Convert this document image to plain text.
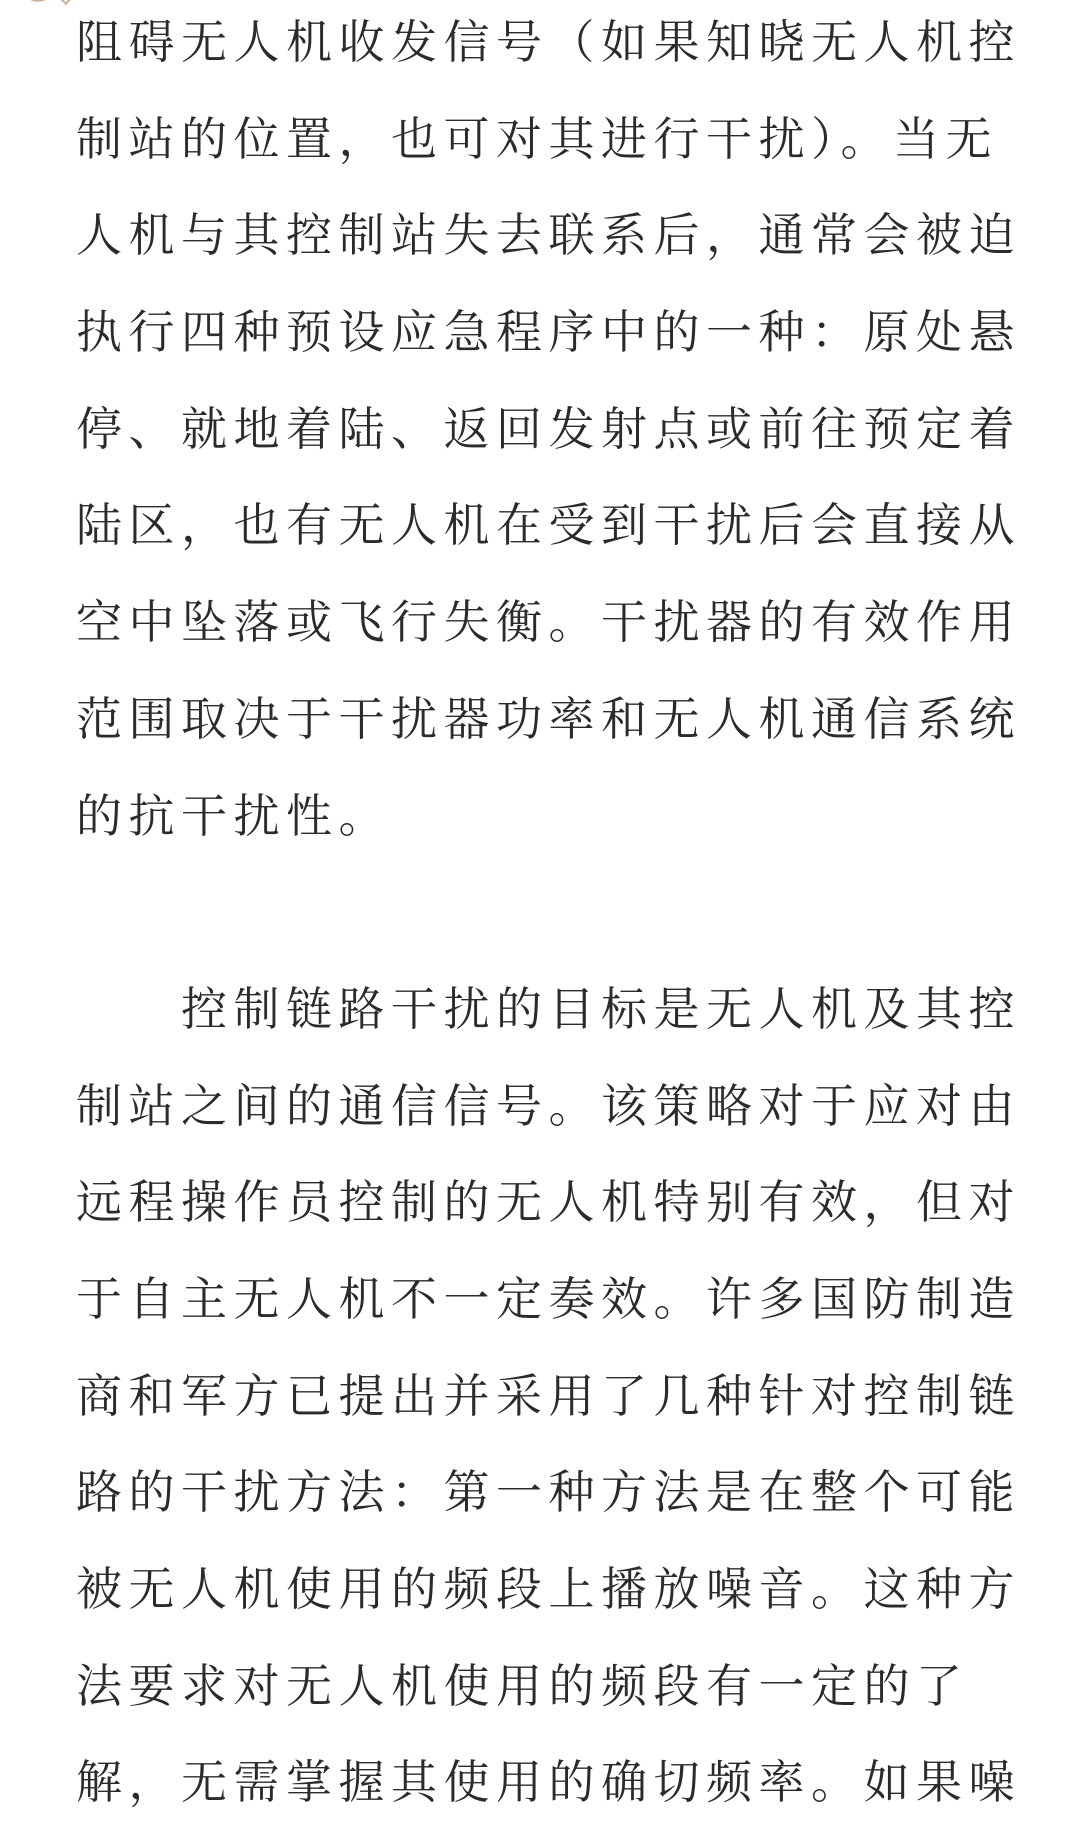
阻碍无人机收发信号（如果知晓无人机控
制站的位置，也可对其进行干扰）。当无
人机与其控制站失去联系后，通常会被迫
执行四种预设应急程序中的一种：原处悬
停、就地着陆、返回发射点或前往预定着
陆区，也有无人机在受到干扰后会直接从
空中坠落或飞行失衡。干扰器的有效作用
范围取决于干扰器功率和无人机通信系统
的抗干扰性。
　　控制链路干扰的目标是无人机及其控
制站之间的通信信号。该策略对于应对由
远程操作员控制的无人机特别有效，但对
于自主无人机不一定奏效。许多国防制造
商和军方已提出并采用了几种针对控制链
路的干扰方法：第一种方法是在整个可能
被无人机使用的频段上播放噪音。这种方
法要求对无人机使用的频段有一定的了
解，无需掌握其使用的确切频率。如果噪
